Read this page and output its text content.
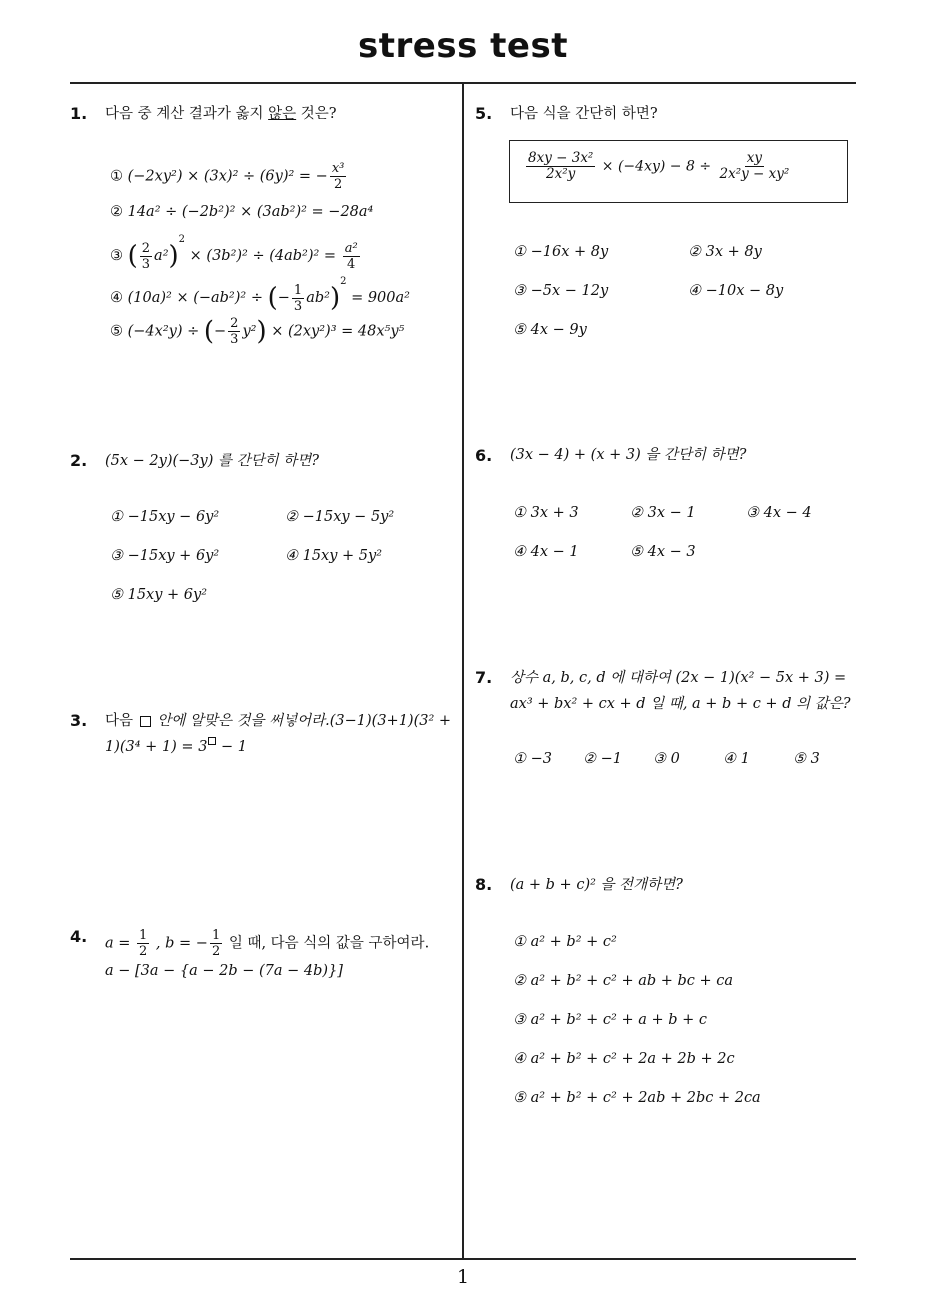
stress test
1
1. 다음 중 계산 결과가 옳지 않은 것은?
① (−2xy²) × (3x)² ÷ (6y)² = − $\frac{\text{x³}}{2}$
② 14a² ÷ (−2b²)² × (3ab²)² = −28a⁴
③ ( $\frac{2}{3} a^2)^2 \times (3b^2)^2 \div (4ab^2)^2 = \frac{\text{a²}}{4}$
④ (10a)² × (−ab²)² ÷ (− $\frac{1}{3} ab^2)^2 = 900a^2$
⑤ (−4x²y) ÷ (− $\frac{2}{3} y^2) \times (2xy^2)^3 = 48x^5y^5$
2. (5x − 2y)(−3y) 를 간단히 하면?
① −15xy − 6y²	② −15xy − 5y²
③ −15xy + 6y²	④ 15xy + 5y²
⑤ 15xy + 6y²
3. 다음 안에 알맞은 것을 써넣어라.(3−1)(3+1)(3² +
1)(3⁴ + 1) = 3 − 1
4. $a = \frac{1}{2}$ , b = − $\frac{1}{2}$ 일 때, 다음 식의 값을 구하여라.
a − [3a − {a − 2b − (7a − 4b)}]
5. 다음 식을 간단히 하면?
$\frac{\text{8xy − 3x²}}{\text{2x²y}} \times (-4xy) - 8 \div \frac{xy}{\text{2x²y − xy²}}$
① −16x + 8y	② 3x + 8y
③ −5x − 12y	④ −10x − 8y
⑤ 4x − 9y
6. (3x − 4) + (x + 3) 을 간단히 하면?
① 3x + 3	② 3x − 1	③ 4x − 4
④ 4x − 1	⑤ 4x − 3
7. 상수 a, b, c, d 에 대하여 (2x − 1)(x² − 5x + 3) =
ax³ + bx² + cx + d 일 때, a + b + c + d 의 값은?
① −3 ② −1 ③ 0	④ 1	⑤ 3
8. (a + b + c)² 을 전개하면?
① a² + b² + c²
② a² + b² + c² + ab + bc + ca
③ a² + b² + c² + a + b + c
④ a² + b² + c² + 2a + 2b + 2c
⑤ a² + b² + c² + 2ab + 2bc + 2ca
